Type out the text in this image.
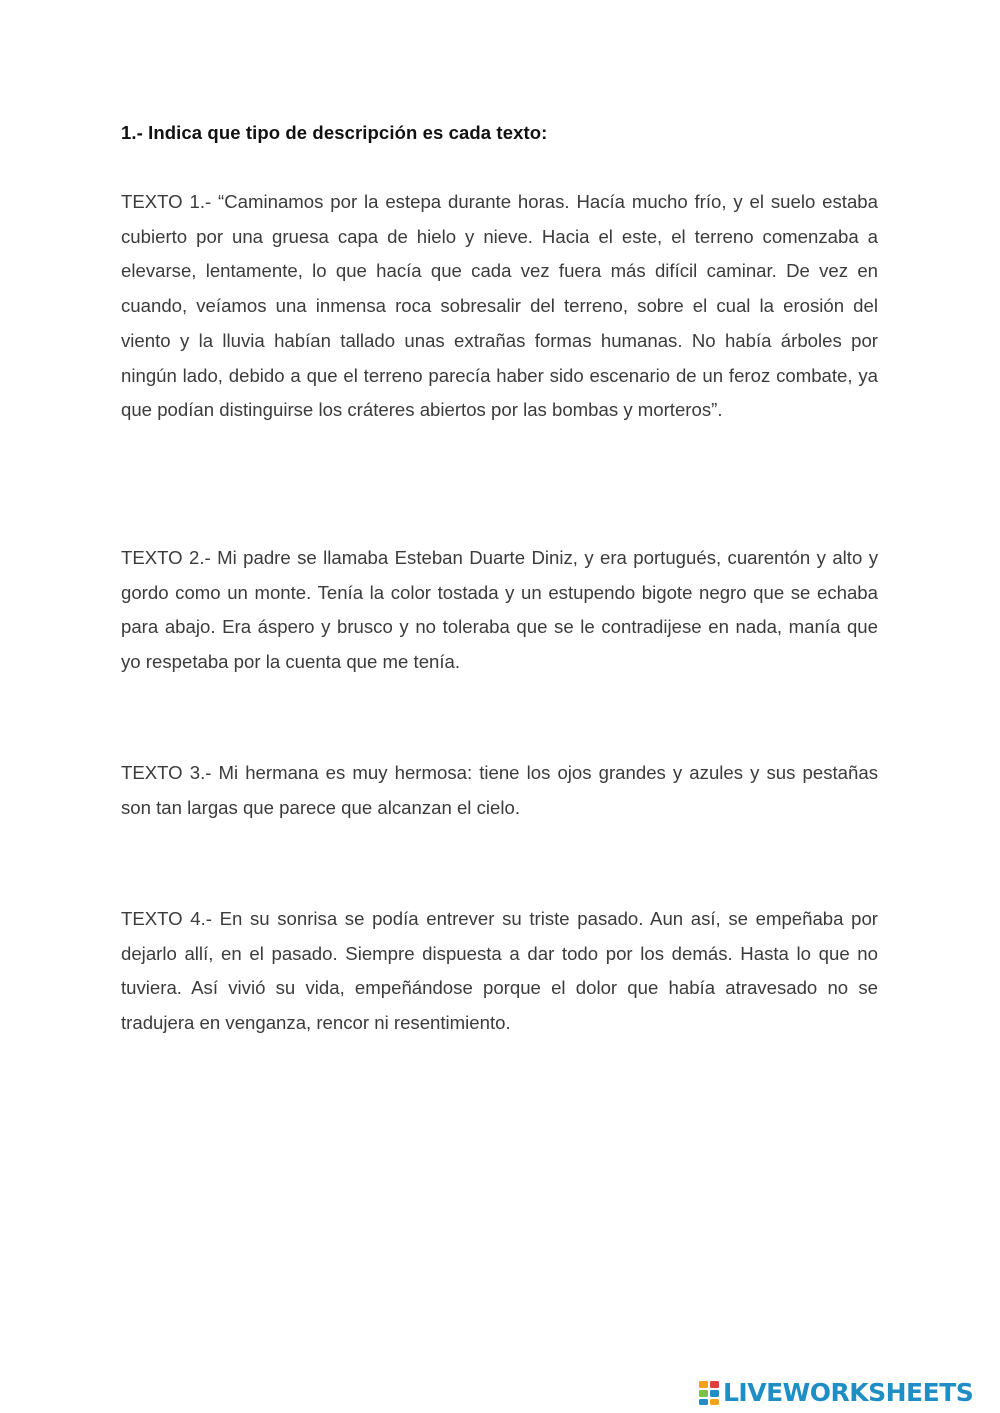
1.- Indica que tipo de descripción es cada texto:
TEXTO 1.- “Caminamos por la estepa durante horas. Hacía mucho frío, y el suelo estaba cubierto por una gruesa capa de hielo y nieve. Hacia el este, el terreno comenzaba a elevarse, lentamente, lo que hacía que cada vez fuera más difícil caminar. De vez en cuando, veíamos una inmensa roca sobresalir del terreno, sobre el cual la erosión del viento y la lluvia habían tallado unas extrañas formas humanas. No había árboles por ningún lado, debido a que el terreno parecía haber sido escenario de un feroz combate, ya que podían distinguirse los cráteres abiertos por las bombas y morteros”.
TEXTO 2.- Mi padre se llamaba Esteban Duarte Diniz, y era portugués, cuarentón y alto y gordo como un monte. Tenía la color tostada y un estupendo bigote negro que se echaba para abajo. Era áspero y brusco y no toleraba que se le contradijese en nada, manía que yo respetaba por la cuenta que me tenía.
TEXTO 3.- Mi hermana es muy hermosa: tiene los ojos grandes y azules y sus pestañas son tan largas que parece que alcanzan el cielo.
TEXTO 4.- En su sonrisa se podía entrever su triste pasado. Aun así, se empeñaba por dejarlo allí, en el pasado. Siempre dispuesta a dar todo por los demás. Hasta lo que no tuviera. Así vivió su vida, empeñándose porque el dolor que había atravesado no se tradujera en venganza, rencor ni resentimiento.
LIVEWORKSHEETS
